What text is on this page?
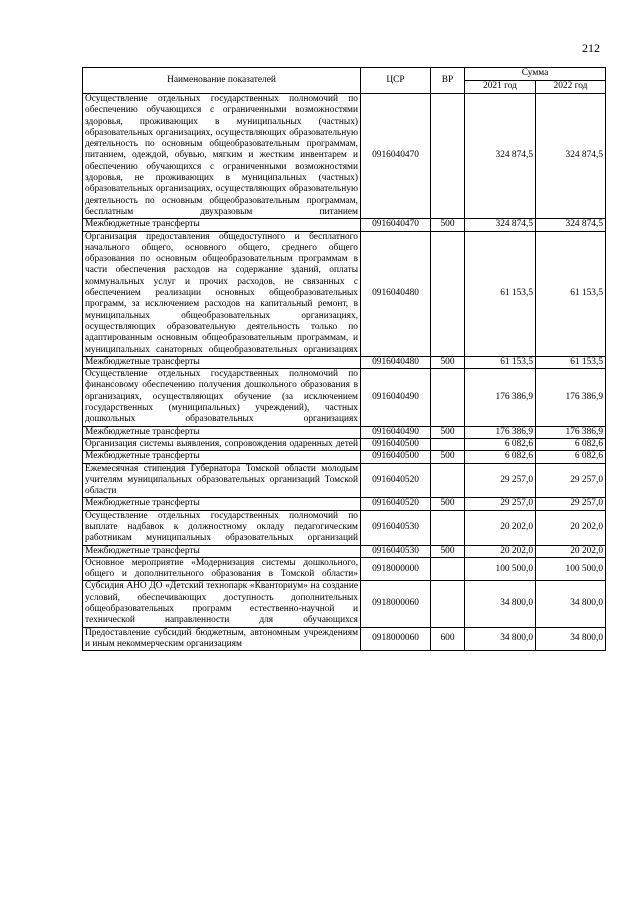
212
Наименование показателей	ЦСР	ВР	Сумма	
			2021 год	2022 год
Осуществление отдельных государственных полномочий по обеспечению обучающихся с ограниченными возможностями здоровья, проживающих в муниципальных (частных) образовательных организациях, осуществляющих образовательную деятельность по основным общеобразовательным программам, питанием, одеждой, обувью, мягким и жестким инвентарем и обеспечению обучающихся с ограниченными возможностями здоровья, не проживающих в муниципальных (частных) образовательных организациях, осуществляющих образовательную деятельность по основным общеобразовательным программам, бесплатным двухразовым питанием	0916040470		324 874,5	324 874,5
Межбюджетные трансферты	0916040470	500	324 874,5	324 874,5
Организация предоставления общедоступного и бесплатного начального общего, основного общего, среднего общего образования по основным общеобразовательным программам в части обеспечения расходов на содержание зданий, оплаты коммунальных услуг и прочих расходов, не связанных с обеспечением реализации основных общеобразовательных программ, за исключением расходов на капитальный ремонт, в муниципальных общеобразовательных организациях, осуществляющих образовательную деятельность только по адаптированным основным общеобразовательным программам, и муниципальных санаторных общеобразовательных организациях	0916040480		61 153,5	61 153,5
Межбюджетные трансферты	0916040480	500	61 153,5	61 153,5
Осуществление отдельных государственных полномочий по финансовому обеспечению получения дошкольного образования в организациях, осуществляющих обучение (за исключением государственных (муниципальных) учреждений), частных дошкольных образовательных организациях	0916040490		176 386,9	176 386,9
Межбюджетные трансферты	0916040490	500	176 386,9	176 386,9
Организация системы выявления, сопровождения одаренных детей	0916040500		6 082,6	6 082,6
Межбюджетные трансферты	0916040500	500	6 082,6	6 082,6
Ежемесячная стипендия Губернатора Томской области молодым учителям муниципальных образовательных организаций Томской области	0916040520		29 257,0	29 257,0
Межбюджетные трансферты	0916040520	500	29 257,0	29 257,0
Осуществление отдельных государственных полномочий по выплате надбавок к должностному окладу педагогическим работникам муниципальных образовательных организаций	0916040530		20 202,0	20 202,0
Межбюджетные трансферты	0916040530	500	20 202,0	20 202,0
Основное мероприятие «Модернизация системы дошкольного, общего и дополнительного образования в Томской области»	0918000000		100 500,0	100 500,0
Субсидия АНО ДО «Детский технопарк «Кванториум» на создание условий, обеспечивающих доступность дополнительных общеобразовательных программ естественно-научной и технической направленности для обучающихся	0918000060		34 800,0	34 800,0
Предоставление субсидий бюджетным, автономным учреждениям и иным некоммерческим организациям	0918000060	600	34 800,0	34 800,0
